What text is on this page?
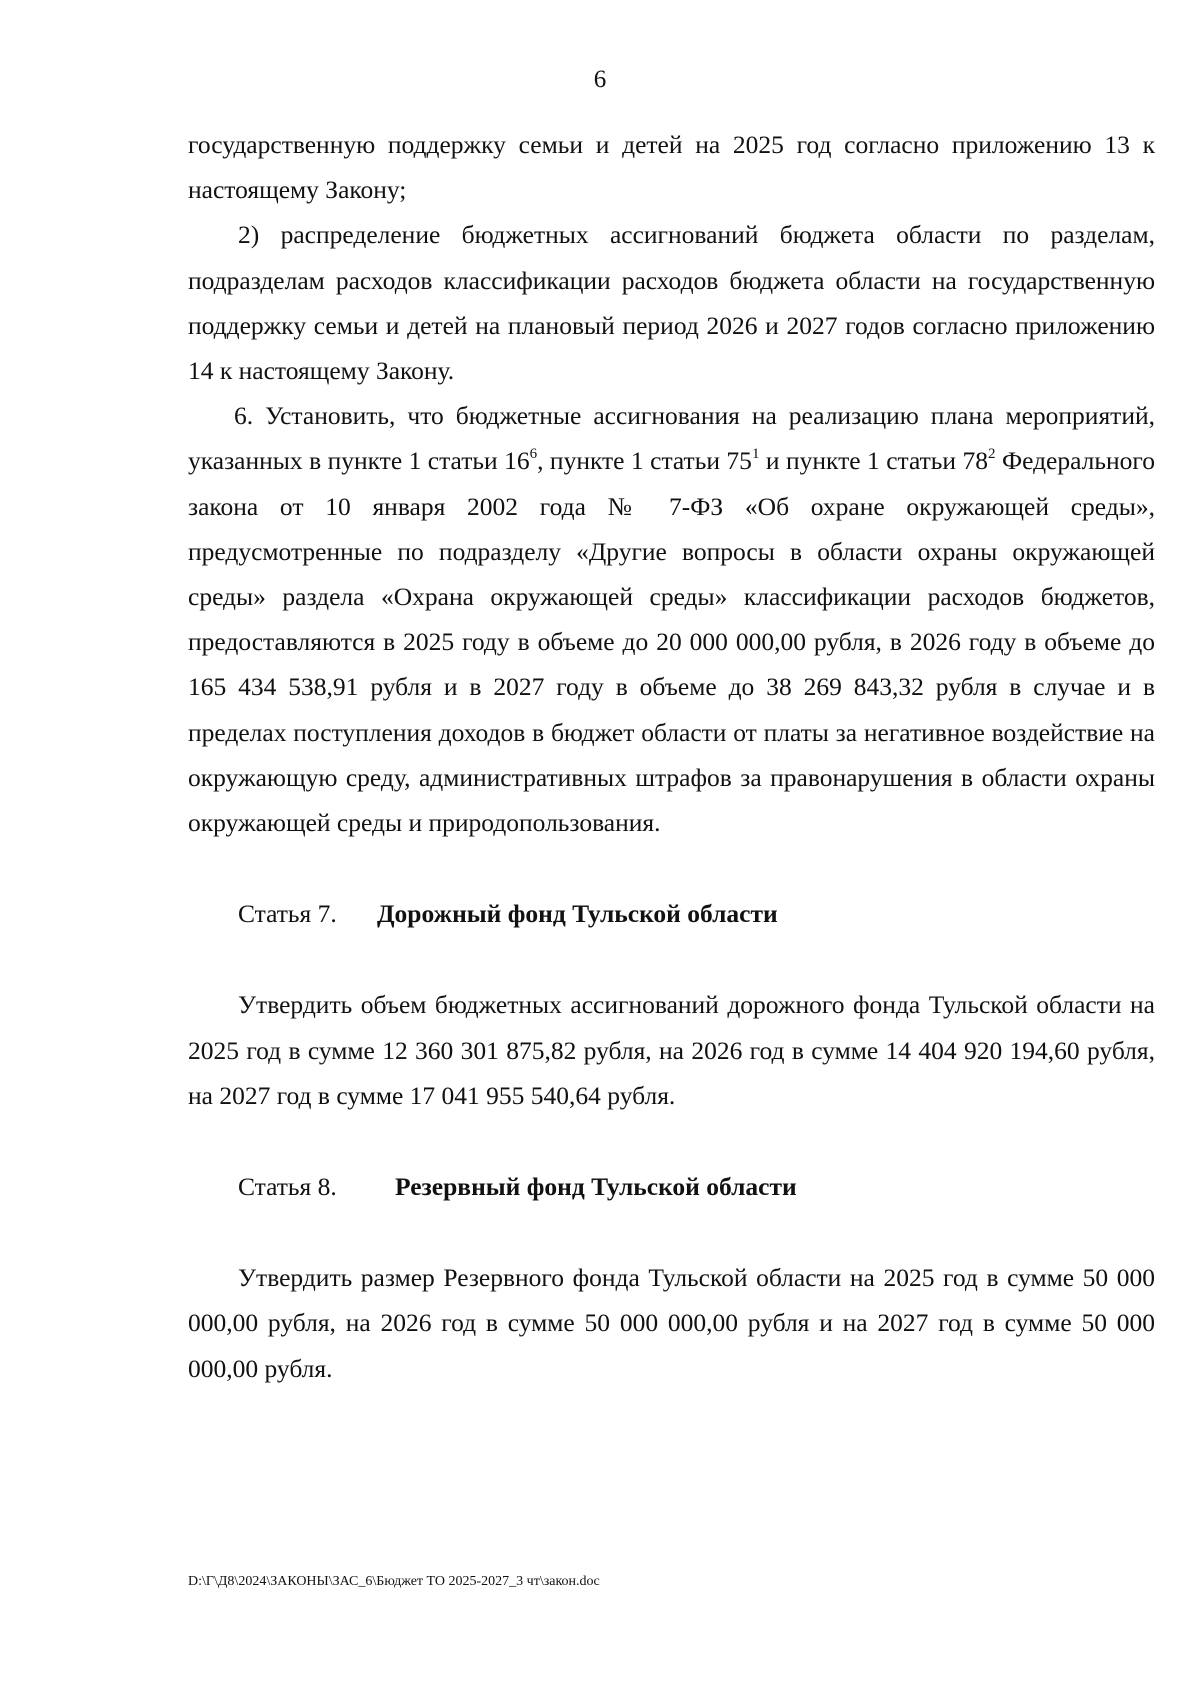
6

государственную поддержку семьи и детей на 2025 год согласно приложению 13 к настоящему Закону;

2) распределение бюджетных ассигнований бюджета области по разделам, подразделам расходов классификации расходов бюджета области на государственную поддержку семьи и детей на плановый период 2026 и 2027 годов согласно приложению 14 к настоящему Закону.

6. Установить, что бюджетные ассигнования на реализацию плана мероприятий, указанных в пункте 1 статьи $16^6$, пункте 1 статьи $75^1$ и пункте 1 статьи $78^2$ Федерального закона от 10 января 2002 года № 7-ФЗ «Об охране окружающей среды», предусмотренные по подразделу «Другие вопросы в области охраны окружающей среды» раздела «Охрана окружающей среды» классификации расходов бюджетов, предоставляются в 2025 году в объеме до 20 000 000,00 рубля, в 2026 году в объеме до 165 434 538,91 рубля и в 2027 году в объеме до 38 269 843,32 рубля в случае и в пределах поступления доходов в бюджет области от платы за негативное воздействие на окружающую среду, административных штрафов за правонарушения в области охраны окружающей среды и природопользования.

Статья 7. Дорожный фонд Тульской области

Утвердить объем бюджетных ассигнований дорожного фонда Тульской области на 2025 год в сумме 12 360 301 875,82 рубля, на 2026 год в сумме 14 404 920 194,60 рубля, на 2027 год в сумме 17 041 955 540,64 рубля.

Статья 8. Резервный фонд Тульской области

Утвердить размер Резервного фонда Тульской области на 2025 год в сумме 50 000 000,00 рубля, на 2026 год в сумме 50 000 000,00 рубля и на 2027 год в сумме 50 000 000,00 рубля.

D:\Г\Д8\2024\ЗАКОНЫ\ЗАС_6\Бюджет ТО 2025-2027_3 чт\закон.doc
